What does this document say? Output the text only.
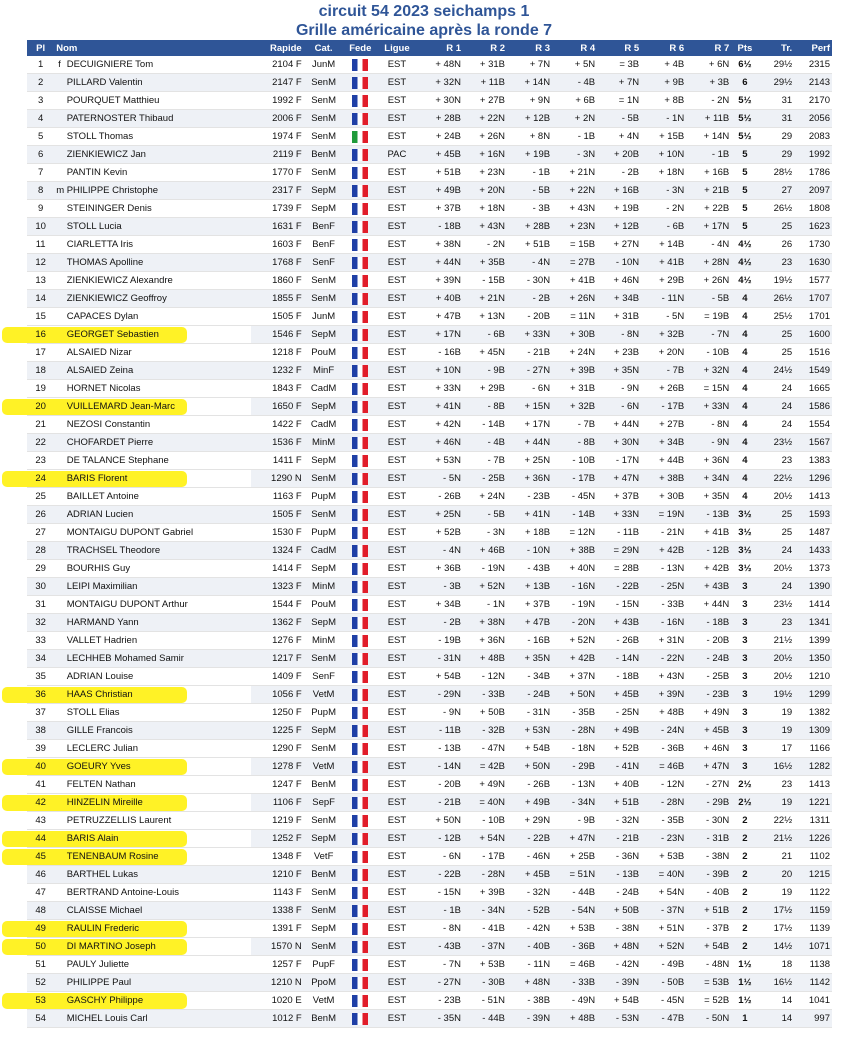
circuit 54 2023 seichamps 1
Grille américaine après la ronde 7
Pl	Nom		Rapide	Cat.	Fede	Ligue	R 1	R 2	R 3	R 4	R 5	R 6	R 7	Pts	Tr.	Perf
1	f	DECUIGNIERE Tom	2104 F	JunM		EST	+ 48N	+ 31B	+ 7N	+ 5N	= 3B	+ 4B	+ 6N	6½	29½	2315
2		PILLARD Valentin	2147 F	SenM		EST	+ 32N	+ 11B	+ 14N	- 4B	+ 7N	+ 9B	+ 3B	6	29½	2143
3		POURQUET Matthieu	1992 F	SenM		EST	+ 30N	+ 27B	+ 9N	+ 6B	= 1N	+ 8B	- 2N	5½	31	2170
4		PATERNOSTER Thibaud	2006 F	SenM		EST	+ 28B	+ 22N	+ 12B	+ 2N	- 5B	- 1N	+ 11B	5½	31	2056
5		STOLL Thomas	1974 F	SenM		EST	+ 24B	+ 26N	+ 8N	- 1B	+ 4N	+ 15B	+ 14N	5½	29	2083
6		ZIENKIEWICZ Jan	2119 F	BenM		PAC	+ 45B	+ 16N	+ 19B	- 3N	+ 20B	+ 10N	- 1B	5	29	1992
7		PANTIN Kevin	1770 F	SenM		EST	+ 51B	+ 23N	- 1B	+ 21N	- 2B	+ 18N	+ 16B	5	28½	1786
8	m	PHILIPPE Christophe	2317 F	SepM		EST	+ 49B	+ 20N	- 5B	+ 22N	+ 16B	- 3N	+ 21B	5	27	2097
9		STEININGER Denis	1739 F	SepM		EST	+ 37B	+ 18N	- 3B	+ 43N	+ 19B	- 2N	+ 22B	5	26½	1808
10		STOLL Lucia	1631 F	BenF		EST	- 18B	+ 43N	+ 28B	+ 23N	+ 12B	- 6B	+ 17N	5	25	1623
11		CIARLETTA Iris	1603 F	BenF		EST	+ 38N	- 2N	+ 51B	= 15B	+ 27N	+ 14B	- 4N	4½	26	1730
12		THOMAS Apolline	1768 F	SenF		EST	+ 44N	+ 35B	- 4N	= 27B	- 10N	+ 41B	+ 28N	4½	23	1630
13		ZIENKIEWICZ Alexandre	1860 F	SenM		EST	+ 39N	- 15B	- 30N	+ 41B	+ 46N	+ 29B	+ 26N	4½	19½	1577
14		ZIENKIEWICZ Geoffroy	1855 F	SenM		EST	+ 40B	+ 21N	- 2B	+ 26N	+ 34B	- 11N	- 5B	4	26½	1707
15		CAPACES Dylan	1505 F	JunM		EST	+ 47B	+ 13N	- 20B	= 11N	+ 31B	- 5N	= 19B	4	25½	1701
16		GEORGET Sebastien	1546 F	SepM		EST	+ 17N	- 6B	+ 33N	+ 30B	- 8N	+ 32B	- 7N	4	25	1600
17		ALSAIED Nizar	1218 F	PouM		EST	- 16B	+ 45N	- 21B	+ 24N	+ 23B	+ 20N	- 10B	4	25	1516
18		ALSAIED Zeina	1232 F	MinF		EST	+ 10N	- 9B	- 27N	+ 39B	+ 35N	- 7B	+ 32N	4	24½	1549
19		HORNET Nicolas	1843 F	CadM		EST	+ 33N	+ 29B	- 6N	+ 31B	- 9N	+ 26B	= 15N	4	24	1665
20		VUILLEMARD Jean-Marc	1650 F	SepM		EST	+ 41N	- 8B	+ 15N	+ 32B	- 6N	- 17B	+ 33N	4	24	1586
21		NEZOSI Constantin	1422 F	CadM		EST	+ 42N	- 14B	+ 17N	- 7B	+ 44N	+ 27B	- 8N	4	24	1554
22		CHOFARDET Pierre	1536 F	MinM		EST	+ 46N	- 4B	+ 44N	- 8B	+ 30N	+ 34B	- 9N	4	23½	1567
23		DE TALANCE Stephane	1411 F	SepM		EST	+ 53N	- 7B	+ 25N	- 10B	- 17N	+ 44B	+ 36N	4	23	1383
24		BARIS Florent	1290 N	SenM		EST	- 5N	- 25B	+ 36N	- 17B	+ 47N	+ 38B	+ 34N	4	22½	1296
25		BAILLET Antoine	1163 F	PupM		EST	- 26B	+ 24N	- 23B	- 45N	+ 37B	+ 30B	+ 35N	4	20½	1413
26		ADRIAN Lucien	1505 F	SenM		EST	+ 25N	- 5B	+ 41N	- 14B	+ 33N	= 19N	- 13B	3½	25	1593
27		MONTAIGU DUPONT Gabriel	1530 F	PupM		EST	+ 52B	- 3N	+ 18B	= 12N	- 11B	- 21N	+ 41B	3½	25	1487
28		TRACHSEL Theodore	1324 F	CadM		EST	- 4N	+ 46B	- 10N	+ 38B	= 29N	+ 42B	- 12B	3½	24	1433
29		BOURHIS Guy	1414 F	SepM		EST	+ 36B	- 19N	- 43B	+ 40N	= 28B	- 13N	+ 42B	3½	20½	1373
30		LEIPI Maximilian	1323 F	MinM		EST	- 3B	+ 52N	+ 13B	- 16N	- 22B	- 25N	+ 43B	3	24	1390
31		MONTAIGU DUPONT Arthur	1544 F	PouM		EST	+ 34B	- 1N	+ 37B	- 19N	- 15N	- 33B	+ 44N	3	23½	1414
32		HARMAND Yann	1362 F	SepM		EST	- 2B	+ 38N	+ 47B	- 20N	+ 43B	- 16N	- 18B	3	23	1341
33		VALLET Hadrien	1276 F	MinM		EST	- 19B	+ 36N	- 16B	+ 52N	- 26B	+ 31N	- 20B	3	21½	1399
34		LECHHEB Mohamed Samir	1217 F	SenM		EST	- 31N	+ 48B	+ 35N	+ 42B	- 14N	- 22N	- 24B	3	20½	1350
35		ADRIAN Louise	1409 F	SenF		EST	+ 54B	- 12N	- 34B	+ 37N	- 18B	+ 43N	- 25B	3	20½	1210
36		HAAS Christian	1056 F	VetM		EST	- 29N	- 33B	- 24B	+ 50N	+ 45B	+ 39N	- 23B	3	19½	1299
37		STOLL Elias	1250 F	PupM		EST	- 9N	+ 50B	- 31N	- 35B	- 25N	+ 48B	+ 49N	3	19	1382
38		GILLE Francois	1225 F	SepM		EST	- 11B	- 32B	+ 53N	- 28N	+ 49B	- 24N	+ 45B	3	19	1309
39		LECLERC Julian	1290 F	SenM		EST	- 13B	- 47N	+ 54B	- 18N	+ 52B	- 36B	+ 46N	3	17	1166
40		GOEURY Yves	1278 F	VetM		EST	- 14N	= 42B	+ 50N	- 29B	- 41N	= 46B	+ 47N	3	16½	1282
41		FELTEN Nathan	1247 F	BenM		EST	- 20B	+ 49N	- 26B	- 13N	+ 40B	- 12N	- 27N	2½	23	1413
42		HINZELIN Mireille	1106 F	SepF		EST	- 21B	= 40N	+ 49B	- 34N	+ 51B	- 28N	- 29B	2½	19	1221
43		PETRUZZELLIS Laurent	1219 F	SenM		EST	+ 50N	- 10B	+ 29N	- 9B	- 32N	- 35B	- 30N	2	22½	1311
44		BARIS Alain	1252 F	SepM		EST	- 12B	+ 54N	- 22B	+ 47N	- 21B	- 23N	- 31B	2	21½	1226
45		TENENBAUM Rosine	1348 F	VetF		EST	- 6N	- 17B	- 46N	+ 25B	- 36N	+ 53B	- 38N	2	21	1102
46		BARTHEL Lukas	1210 F	BenM		EST	- 22B	- 28N	+ 45B	= 51N	- 13B	= 40N	- 39B	2	20	1215
47		BERTRAND Antoine-Louis	1143 F	SenM		EST	- 15N	+ 39B	- 32N	- 44B	- 24B	+ 54N	- 40B	2	19	1122
48		CLAISSE Michael	1338 F	SenM		EST	- 1B	- 34N	- 52B	- 54N	+ 50B	- 37N	+ 51B	2	17½	1159
49		RAULIN Frederic	1391 F	SepM		EST	- 8N	- 41B	- 42N	+ 53B	- 38N	+ 51N	- 37B	2	17½	1139
50		DI MARTINO Joseph	1570 N	SenM		EST	- 43B	- 37N	- 40B	- 36B	+ 48N	+ 52N	+ 54B	2	14½	1071
51		PAULY Juliette	1257 F	PupF		EST	- 7N	+ 53B	- 11N	= 46B	- 42N	- 49B	- 48N	1½	18	1138
52		PHILIPPE Paul	1210 N	PpoM		EST	- 27N	- 30B	+ 48N	- 33B	- 39N	- 50B	= 53B	1½	16½	1142
53		GASCHY Philippe	1020 E	VetM		EST	- 23B	- 51N	- 38B	- 49N	+ 54B	- 45N	= 52B	1½	14	1041
54		MICHEL Louis Carl	1012 F	BenM		EST	- 35N	- 44B	- 39N	+ 48B	- 53N	- 47B	- 50N	1	14	997
